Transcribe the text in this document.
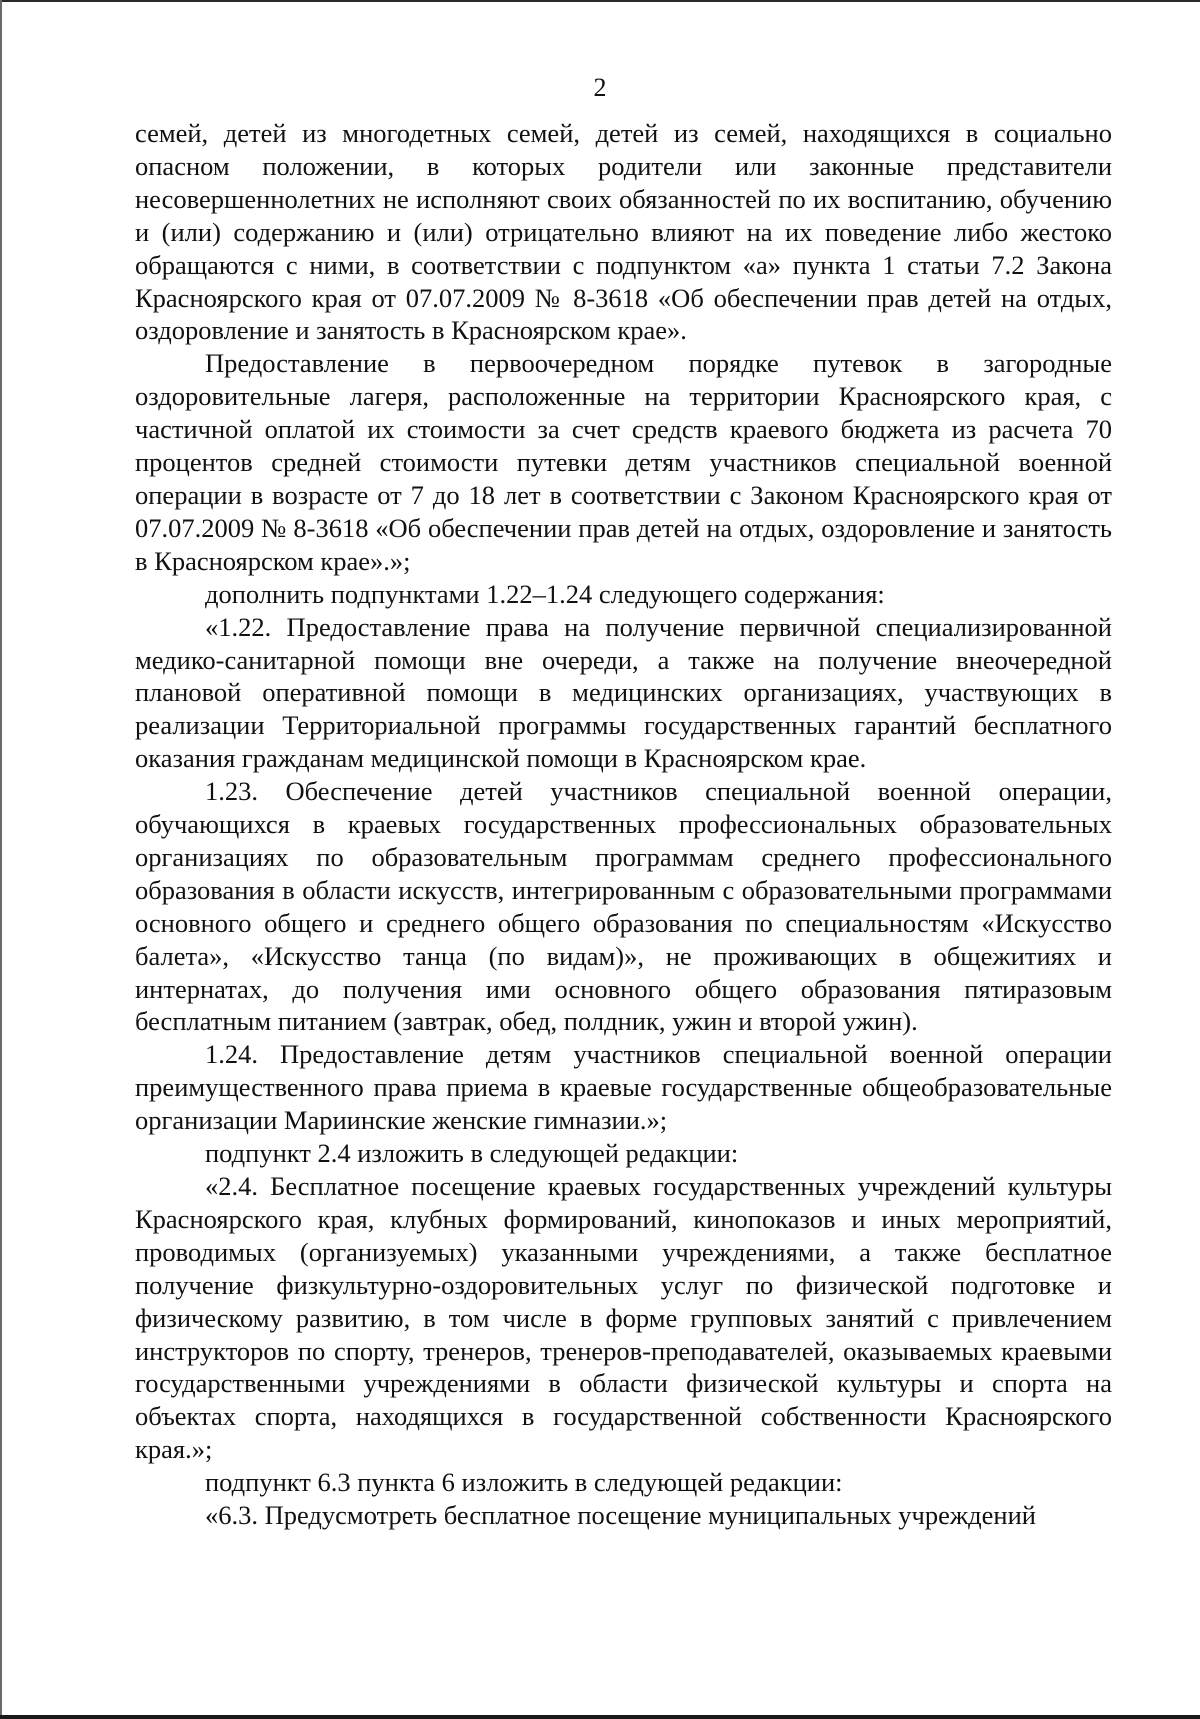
2

семей, детей из многодетных семей, детей из семей, находящихся в социально опасном положении, в которых родители или законные представители несовершеннолетних не исполняют своих обязанностей по их воспитанию, обучению и (или) содержанию и (или) отрицательно влияют на их поведение либо жестоко обращаются с ними, в соответствии с подпунктом «а» пункта 1 статьи 7.2 Закона Красноярского края от 07.07.2009 № 8-3618 «Об обеспечении прав детей на отдых, оздоровление и занятость в Красноярском крае».

Предоставление в первоочередном порядке путевок в загородные оздоровительные лагеря, расположенные на территории Красноярского края, с частичной оплатой их стоимости за счет средств краевого бюджета из расчета 70 процентов средней стоимости путевки детям участников специальной военной операции в возрасте от 7 до 18 лет в соответствии с Законом Красноярского края от 07.07.2009 № 8-3618 «Об обеспечении прав детей на отдых, оздоровление и занятость в Красноярском крае».»;

дополнить подпунктами 1.22–1.24 следующего содержания:

«1.22. Предоставление права на получение первичной специализированной медико-санитарной помощи вне очереди, а также на получение внеочередной плановой оперативной помощи в медицинских организациях, участвующих в реализации Территориальной программы государственных гарантий бесплатного оказания гражданам медицинской помощи в Красноярском крае.

1.23. Обеспечение детей участников специальной военной операции, обучающихся в краевых государственных профессиональных образовательных организациях по образовательным программам среднего профессионального образования в области искусств, интегрированным с образовательными программами основного общего и среднего общего образования по специальностям «Искусство балета», «Искусство танца (по видам)», не проживающих в общежитиях и интернатах, до получения ими основного общего образования пятиразовым бесплатным питанием (завтрак, обед, полдник, ужин и второй ужин).

1.24. Предоставление детям участников специальной военной операции преимущественного права приема в краевые государственные общеобразовательные организации Мариинские женские гимназии.»;

подпункт 2.4 изложить в следующей редакции:

«2.4. Бесплатное посещение краевых государственных учреждений культуры Красноярского края, клубных формирований, кинопоказов и иных мероприятий, проводимых (организуемых) указанными учреждениями, а также бесплатное получение физкультурно-оздоровительных услуг по физической подготовке и физическому развитию, в том числе в форме групповых занятий с привлечением инструкторов по спорту, тренеров, тренеров-преподавателей, оказываемых краевыми государственными учреждениями в области физической культуры и спорта на объектах спорта, находящихся в государственной собственности Красноярского края.»;

подпункт 6.3 пункта 6 изложить в следующей редакции:

«6.3. Предусмотреть бесплатное посещение муниципальных учреждений
